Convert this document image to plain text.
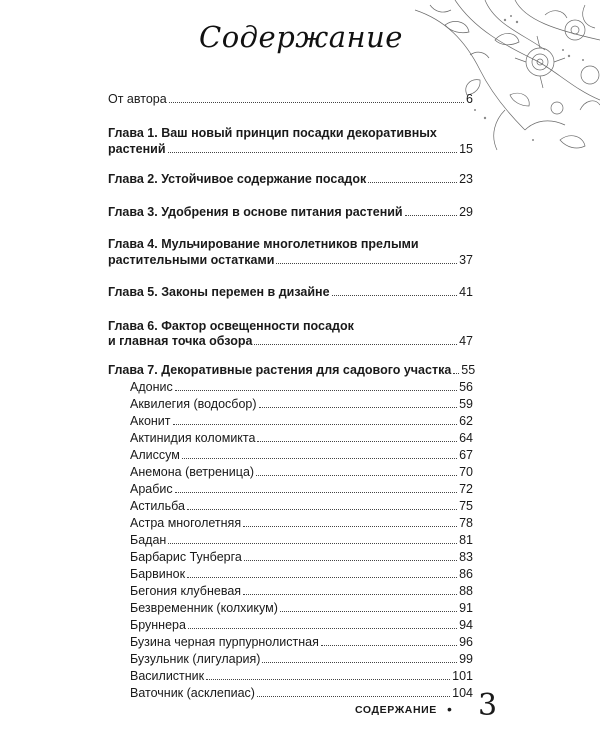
Содержание
От автора	6
Глава 1. Ваш новый принцип посадки декоративных
растений	15
Глава 2. Устойчивое содержание посадок	23
Глава 3. Удобрения в основе питания растений	29
Глава 4. Мульчирование многолетников прелыми
растительными остатками	37
Глава 5. Законы перемен в дизайне	41
Глава 6. Фактор освещенности посадок
и главная точка обзора	47
Глава 7. Декоративные растения для садового участка 55
Адонис	56
Аквилегия (водосбор)	59
Аконит	62
Актинидия коломикта	64
Алиссум	67
Анемона (ветреница)	70
Арабис	72
Астильба	75
Астра многолетняя	78
Бадан	81
Барбарис Тунберга	83
Барвинок	86
Бегония клубневая	88
Безвременник (колхикум)	91
Бруннера	94
Бузина черная пурпурнолистная	96
Бузульник (лигулария)	99
Василистник	101
Ваточник (асклепиас)	104
СОДЕРЖАНИЕ • 3
